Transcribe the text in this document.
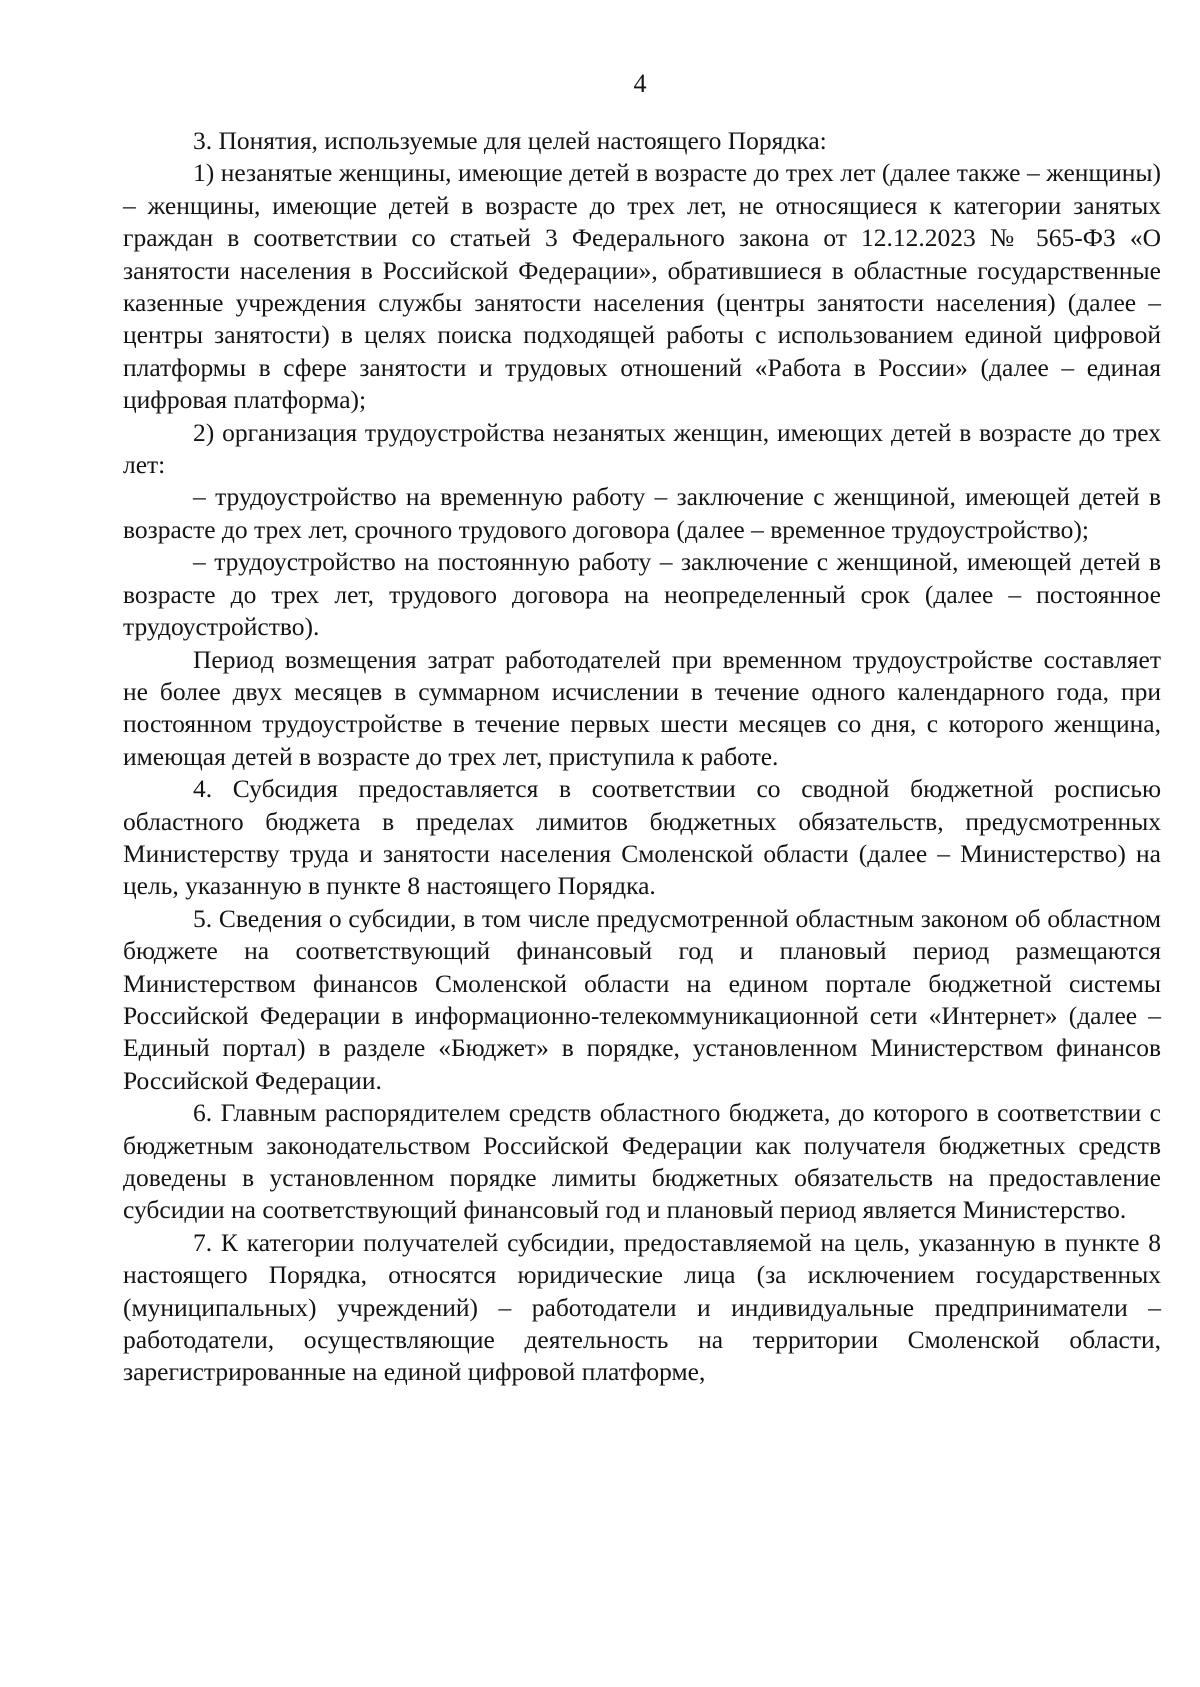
4

3. Понятия, используемые для целей настоящего Порядка:

1) незанятые женщины, имеющие детей в возрасте до трех лет (далее также – женщины) – женщины, имеющие детей в возрасте до трех лет, не относящиеся к категории занятых граждан в соответствии со статьей 3 Федерального закона от 12.12.2023 № 565-ФЗ «О занятости населения в Российской Федерации», обратившиеся в областные государственные казенные учреждения службы занятости населения (центры занятости населения) (далее – центры занятости) в целях поиска подходящей работы с использованием единой цифровой платформы в сфере занятости и трудовых отношений «Работа в России» (далее – единая цифровая платформа);

2) организация трудоустройства незанятых женщин, имеющих детей в возрасте до трех лет:

– трудоустройство на временную работу – заключение с женщиной, имеющей детей в возрасте до трех лет, срочного трудового договора (далее – временное трудоустройство);

– трудоустройство на постоянную работу – заключение с женщиной, имеющей детей в возрасте до трех лет, трудового договора на неопределенный срок (далее – постоянное трудоустройство).

Период возмещения затрат работодателей при временном трудоустройстве составляет не более двух месяцев в суммарном исчислении в течение одного календарного года, при постоянном трудоустройстве в течение первых шести месяцев со дня, с которого женщина, имеющая детей в возрасте до трех лет, приступила к работе.

4. Субсидия предоставляется в соответствии со сводной бюджетной росписью областного бюджета в пределах лимитов бюджетных обязательств, предусмотренных Министерству труда и занятости населения Смоленской области (далее – Министерство) на цель, указанную в пункте 8 настоящего Порядка.

5. Сведения о субсидии, в том числе предусмотренной областным законом об областном бюджете на соответствующий финансовый год и плановый период размещаются Министерством финансов Смоленской области на едином портале бюджетной системы Российской Федерации в информационно-телекоммуникационной сети «Интернет» (далее – Единый портал) в разделе «Бюджет» в порядке, установленном Министерством финансов Российской Федерации.

6. Главным распорядителем средств областного бюджета, до которого в соответствии с бюджетным законодательством Российской Федерации как получателя бюджетных средств доведены в установленном порядке лимиты бюджетных обязательств на предоставление субсидии на соответствующий финансовый год и плановый период является Министерство.

7. К категории получателей субсидии, предоставляемой на цель, указанную в пункте 8 настоящего Порядка, относятся юридические лица (за исключением государственных (муниципальных) учреждений) – работодатели и индивидуальные предприниматели – работодатели, осуществляющие деятельность на территории Смоленской области, зарегистрированные на единой цифровой платформе,
